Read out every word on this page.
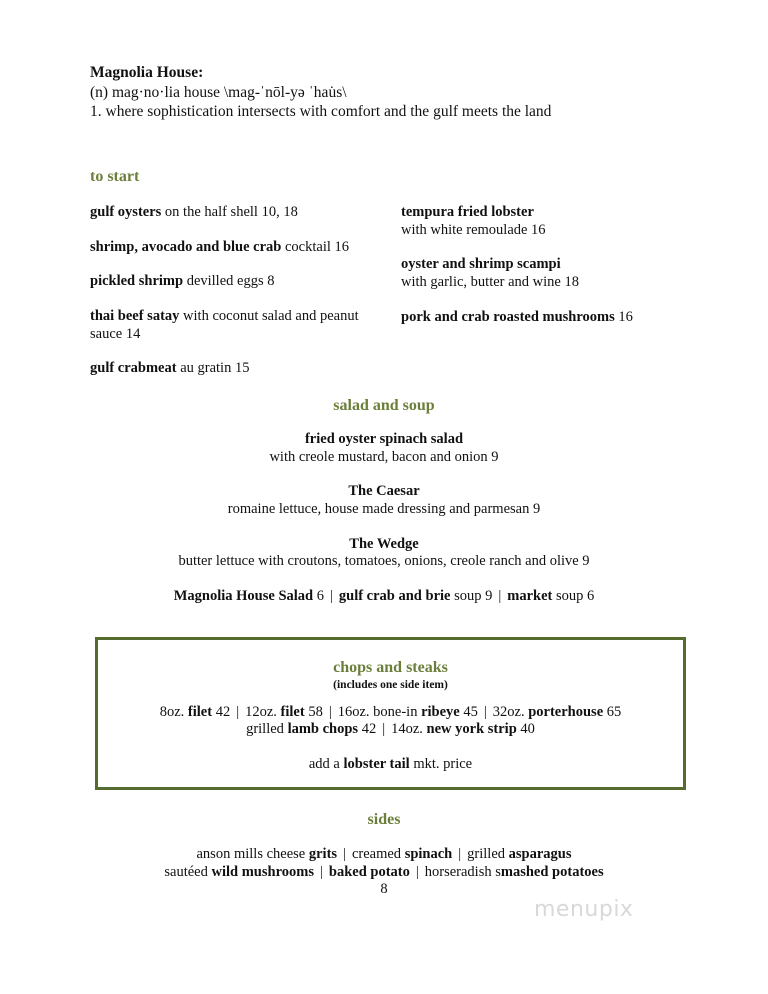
Magnolia House:
(n) mag·no·lia house \mag-ˈnōl-yə ˈhau̇s\
1. where sophistication intersects with comfort and the gulf meets the land
to start
gulf oysters on the half shell 10, 18
shrimp, avocado and blue crab cocktail 16
pickled shrimp devilled eggs 8
thai beef satay with coconut salad and peanut sauce 14
gulf crabmeat au gratin 15
tempura fried lobster
with white remoulade 16
oyster and shrimp scampi
with garlic, butter and wine 18
pork and crab roasted mushrooms 16
salad and soup
fried oyster spinach salad
with creole mustard, bacon and onion 9
The Caesar
romaine lettuce, house made dressing and parmesan 9
The Wedge
butter lettuce with croutons, tomatoes, onions, creole ranch and olive 9
Magnolia House Salad 6 | gulf crab and brie soup 9 | market soup 6
chops and steaks
(includes one side item)
8oz. filet 42 | 12oz. filet 58 | 16oz. bone-in ribeye 45 | 32oz. porterhouse 65
grilled lamb chops 42 | 14oz. new york strip 40
add a lobster tail mkt. price
sides
anson mills cheese grits | creamed spinach | grilled asparagus
sautéed wild mushrooms | baked potato | horseradish smashed potatoes
8
menupix
